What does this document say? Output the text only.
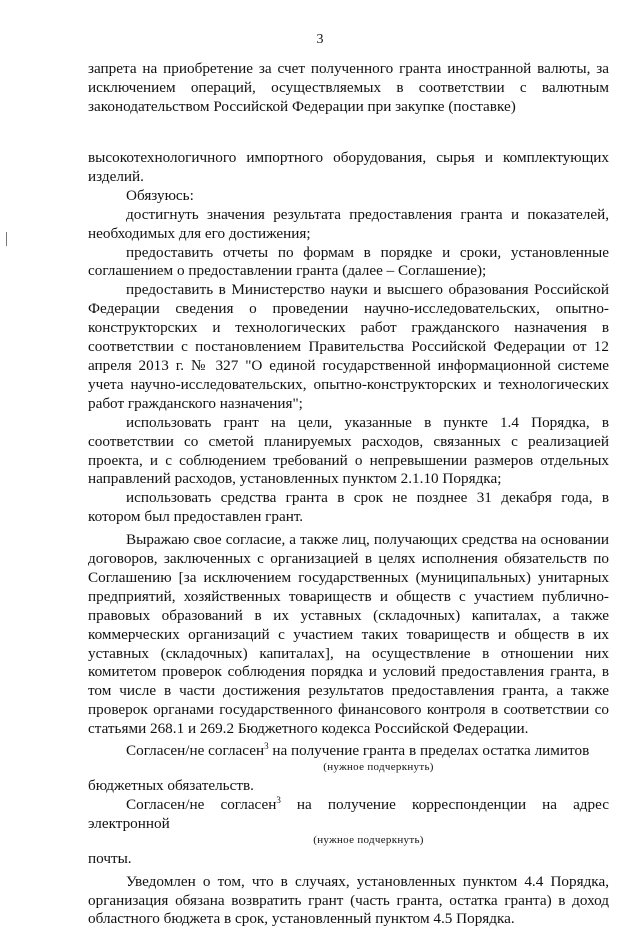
3

запрета на приобретение за счет полученного гранта иностранной валюты, за исключением операций, осуществляемых в соответствии с валютным законодательством Российской Федерации при закупке (поставке)

высокотехнологичного импортного оборудования, сырья и комплектующих изделий.

Обязуюсь:

достигнуть значения результата предоставления гранта и показателей, необходимых для его достижения;

предоставить отчеты по формам в порядке и сроки, установленные соглашением о предоставлении гранта (далее – Соглашение);

предоставить в Министерство науки и высшего образования Российской Федерации сведения о проведении научно-исследовательских, опытно-конструкторских и технологических работ гражданского назначения в соответствии с постановлением Правительства Российской Федерации от 12 апреля 2013 г. № 327 "О единой государственной информационной системе учета научно-исследовательских, опытно-конструкторских и технологических работ гражданского назначения";

использовать грант на цели, указанные в пункте 1.4 Порядка, в соответствии со сметой планируемых расходов, связанных с реализацией проекта, и с соблюдением требований о непревышении размеров отдельных направлений расходов, установленных пунктом 2.1.10 Порядка;

использовать средства гранта в срок не позднее 31 декабря года, в котором был предоставлен грант.

Выражаю свое согласие, а также лиц, получающих средства на основании договоров, заключенных с организацией в целях исполнения обязательств по Соглашению [за исключением государственных (муниципальных) унитарных предприятий, хозяйственных товариществ и обществ с участием публично-правовых образований в их уставных (складочных) капиталах, а также коммерческих организаций с участием таких товариществ и обществ в их уставных (складочных) капиталах], на осуществление в отношении них комитетом проверок соблюдения порядка и условий предоставления гранта, в том числе в части достижения результатов предоставления гранта, а также проверок органами государственного финансового контроля в соответствии со статьями 268.1 и 269.2 Бюджетного кодекса Российской Федерации.

Согласен/не согласен$^3$ на получение гранта в пределах остатка лимитов

(нужное подчеркнуть)

бюджетных обязательств.

Согласен/не согласен$^3$ на получение корреспонденции на адрес электронной

(нужное подчеркнуть)

почты.

Уведомлен о том, что в случаях, установленных пунктом 4.4 Порядка, организация обязана возвратить грант (часть гранта, остатка гранта) в доход областного бюджета в срок, установленный пунктом 4.5 Порядка.
